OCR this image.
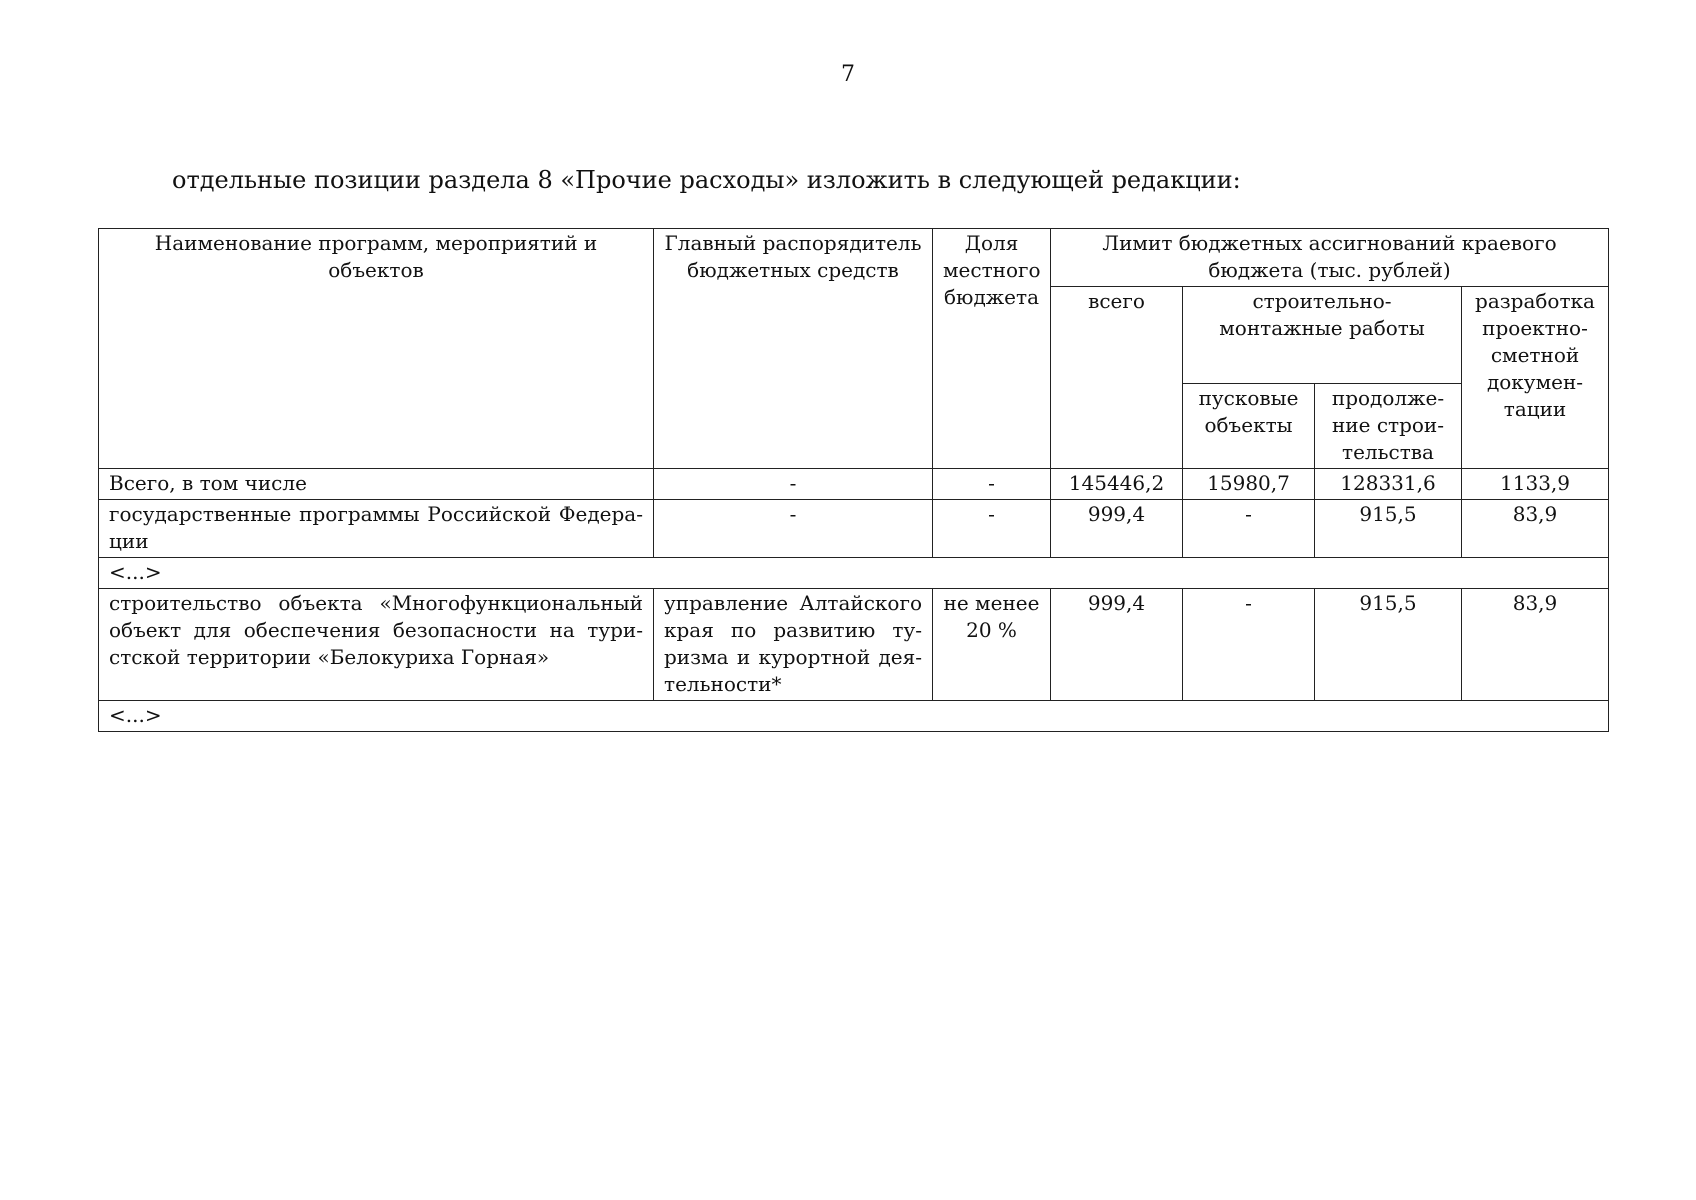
7
отдельные позиции раздела 8 «Прочие расходы» изложить в следующей редакции:
Наименование программ, мероприятий и объектов	Главный распорядитель бюджетных средств	Доля местного бюджета	Лимит бюджетных ассигнований краевого бюджета (тыс. рублей)			
			всего	строительно-монтажные работы		разработка проектно-сметной докумен-тации
				пусковые объекты	продолже-ние строи-тельства	
Всего, в том числе	-	-	145446,2	15980,7	128331,6	1133,9
государственные программы Российской Федера-ции	-	-	999,4	-	915,5	83,9
<...>						
строительство объекта «Многофункциональный объект для обеспечения безопасности на тури-стской территории «Белокуриха Горная»	управление Алтайского края по развитию ту-ризма и курортной дея-тельности*	не менее 20 %	999,4	-	915,5	83,9
<...>						
